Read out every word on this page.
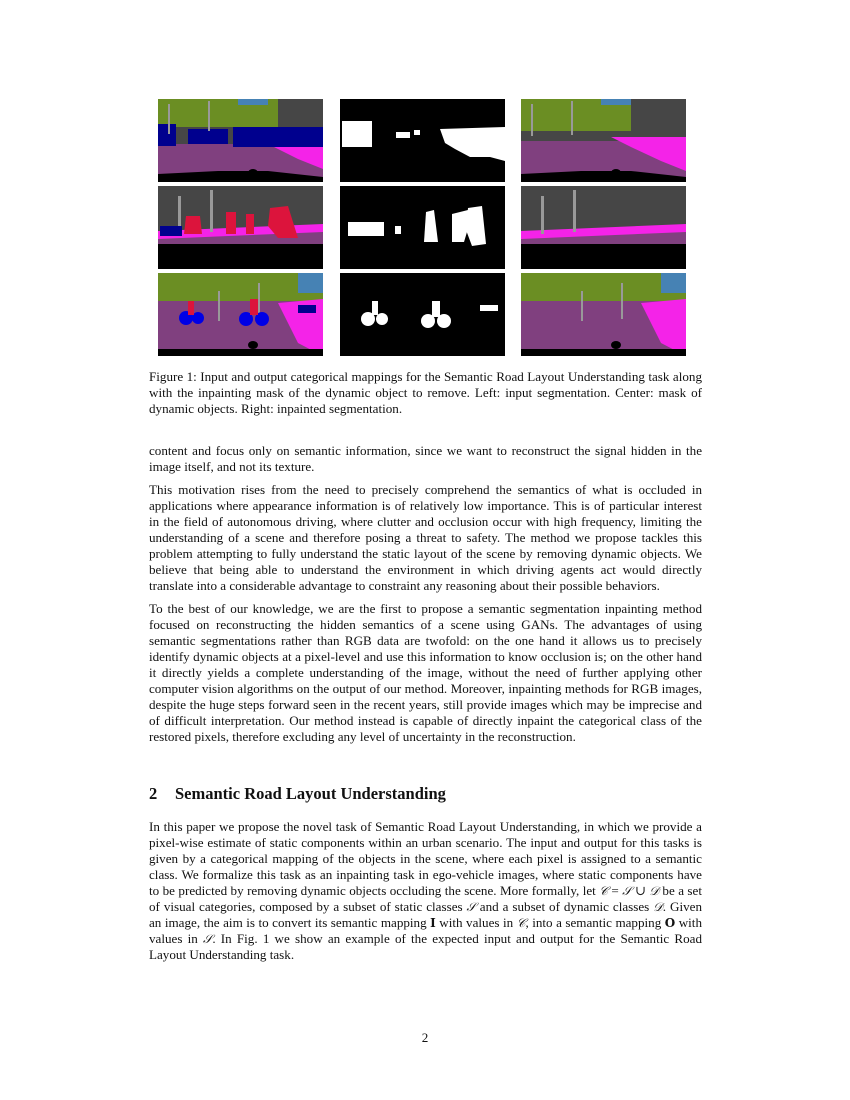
Figure 1: Input and output categorical mappings for the Semantic Road Layout Understanding task along with the inpainting mask of the dynamic object to remove. Left: input segmentation. Center: mask of dynamic objects. Right: inpainted segmentation.

content and focus only on semantic information, since we want to reconstruct the signal hidden in the image itself, and not its texture.

This motivation rises from the need to precisely comprehend the semantics of what is occluded in applications where appearance information is of relatively low importance. This is of particular interest in the field of autonomous driving, where clutter and occlusion occur with high frequency, limiting the understanding of a scene and therefore posing a threat to safety. The method we propose tackles this problem attempting to fully understand the static layout of the scene by removing dynamic objects. We believe that being able to understand the environment in which driving agents act would directly translate into a considerable advantage to constraint any reasoning about their possible behaviors.

To the best of our knowledge, we are the first to propose a semantic segmentation inpainting method focused on reconstructing the hidden semantics of a scene using GANs. The advantages of using semantic segmentations rather than RGB data are twofold: on the one hand it allows us to precisely identify dynamic objects at a pixel-level and use this information to know occlusion is; on the other hand it directly yields a complete understanding of the image, without the need of further applying other computer vision algorithms on the output of our method. Moreover, inpainting methods for RGB images, despite the huge steps forward seen in the recent years, still provide images which may be imprecise and of difficult interpretation. Our method instead is capable of directly inpaint the categorical class of the restored pixels, therefore excluding any level of uncertainty in the reconstruction.

2 Semantic Road Layout Understanding

In this paper we propose the novel task of Semantic Road Layout Understanding, in which we provide a pixel-wise estimate of static components within an urban scenario. The input and output for this tasks is given by a categorical mapping of the objects in the scene, where each pixel is assigned to a semantic class. We formalize this task as an inpainting task in ego-vehicle images, where static components have to be predicted by removing dynamic objects occluding the scene. More formally, let 𝒞 = 𝒮 ∪ 𝒟 be a set of visual categories, composed by a subset of static classes 𝒮 and a subset of dynamic classes 𝒟. Given an image, the aim is to convert its semantic mapping I with values in 𝒞, into a semantic mapping O with values in 𝒮. In Fig. 1 we show an example of the expected input and output for the Semantic Road Layout Understanding task.

2
